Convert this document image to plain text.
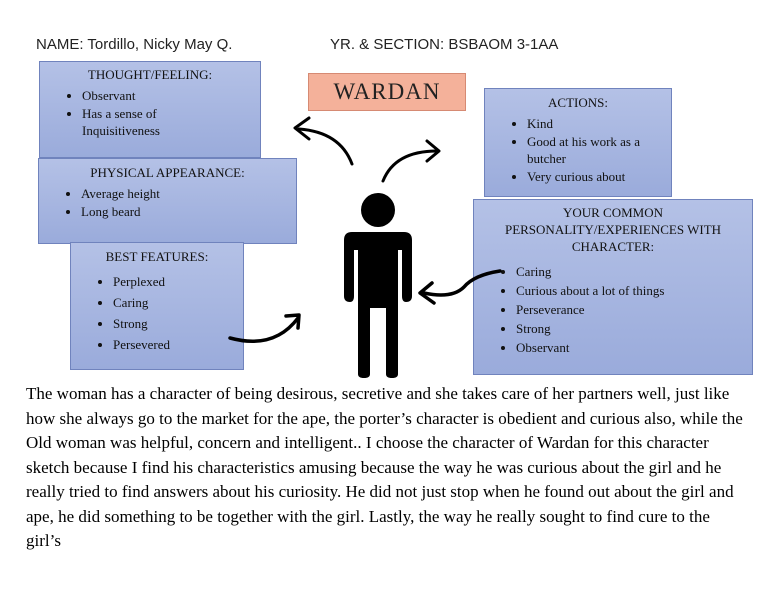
NAME: Tordillo, Nicky May Q.	YR. & SECTION: BSBAOM 3-1AA
WARDAN
THOUGHT/FEELING:
• Observant
• Has a sense of Inquisitiveness
PHYSICAL APPEARANCE:
• Average height
• Long beard
BEST FEATURES:
• Perplexed
• Caring
• Strong
• Persevered
ACTIONS:
• Kind
• Good at his work as a butcher
• Very curious about
YOUR COMMON PERSONALITY/EXPERIENCES WITH CHARACTER:
• Caring
• Curious about a lot of things
• Perseverance
• Strong
• Observant

The woman has a character of being desirous, secretive and she takes care of her partners well, just like how she always go to the market for the ape, the porter’s character is obedient and curious also, while the Old woman was helpful, concern and intelligent.. I choose the character of Wardan for this character sketch because I find his characteristics amusing because the way he was curious about the girl and he really tried to find answers about his curiosity. He did not just stop when he found out about the girl and ape, he did something to be together with the girl. Lastly, the way he really sought to find cure to the girl’s
